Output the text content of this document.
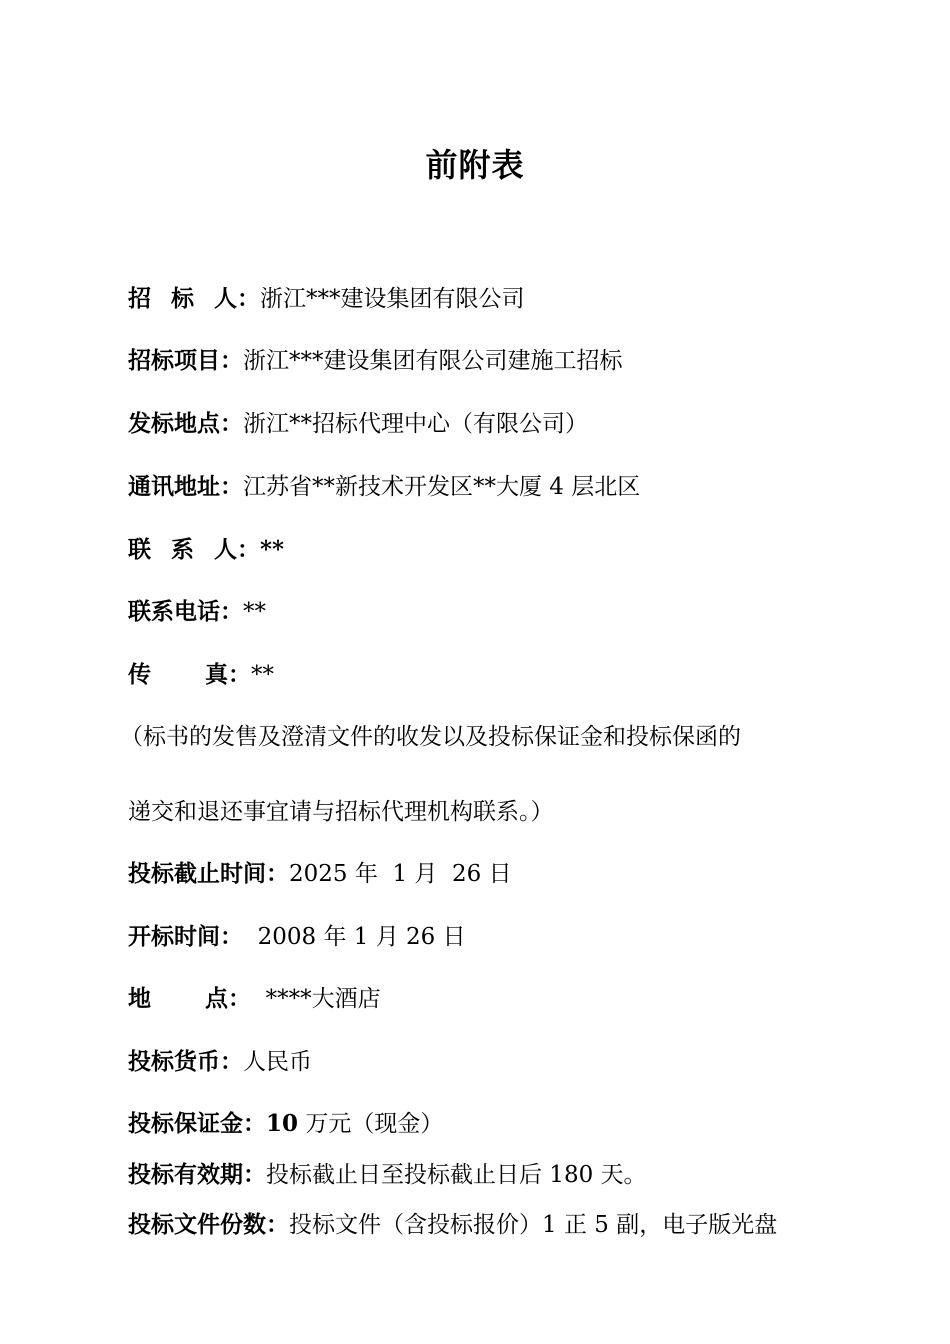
前附表
招 标 人：浙江***建设集团有限公司
招标项目：浙江***建设集团有限公司建施工招标
发标地点：浙江**招标代理中心（有限公司）
通讯地址：江苏省**新技术开发区**大厦 4 层北区
联 系 人：**
联系电话：**
传 真：**
（标书的发售及澄清文件的收发以及投标保证金和投标保函的
递交和退还事宜请与招标代理机构联系。）
投标截止时间：2025 年  1 月  26 日
开标时间：  2008 年 1 月 26 日
地 点：  ****大酒店
投标货币：人民币
投标保证金：10 万元（现金）
投标有效期：投标截止日至投标截止日后 180 天。
投标文件份数：投标文件（含投标报价）1 正 5 副，电子版光盘
